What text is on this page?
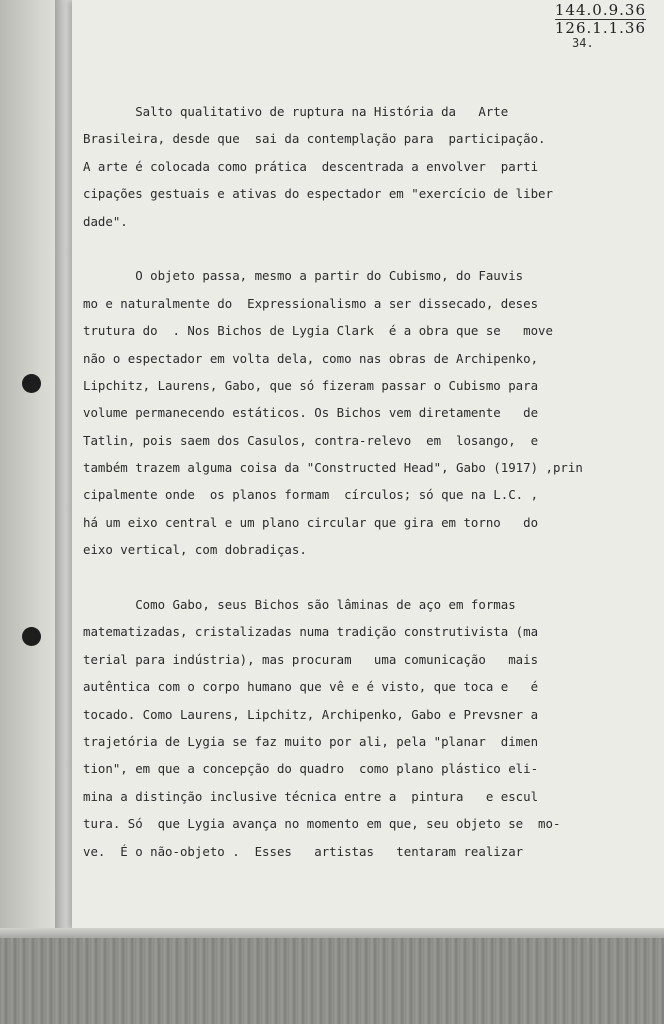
144.0.9.36
126.1.1.36
34.
Salto qualitativo de ruptura na História da   Arte
Brasileira, desde que  sai da contemplação para  participação.
A arte é colocada como prática  descentrada a envolver  parti
cipações gestuais e ativas do espectador em "exercício de liber
dade".
O objeto passa, mesmo a partir do Cubismo, do Fauvis
mo e naturalmente do  Expressionalismo a ser dissecado, deses
trutura do  . Nos Bichos de Lygia Clark  é a obra que se   move
não o espectador em volta dela, como nas obras de Archipenko,
Lipchitz, Laurens, Gabo, que só fizeram passar o Cubismo para
volume permanecendo estáticos. Os Bichos vem diretamente   de
Tatlin, pois saem dos Casulos, contra-relevo  em  losango,  e
também trazem alguma coisa da "Constructed Head", Gabo (1917) ,prin
cipalmente onde  os planos formam  círculos; só que na L.C. ,
há um eixo central e um plano circular que gira em torno   do
eixo vertical, com dobradiças.
Como Gabo, seus Bichos são lâminas de aço em formas
matematizadas, cristalizadas numa tradição construtivista (ma
terial para indústria), mas procuram   uma comunicação   mais
autêntica com o corpo humano que vê e é visto, que toca e   é
tocado. Como Laurens, Lipchitz, Archipenko, Gabo e Prevsner a
trajetória de Lygia se faz muito por ali, pela "planar  dimen
tion", em que a concepção do quadro  como plano plástico eli-
mina a distinção inclusive técnica entre a  pintura   e escul
tura. Só  que Lygia avança no momento em que, seu objeto se  mo-
ve.  É o não-objeto .  Esses   artistas   tentaram realizar
